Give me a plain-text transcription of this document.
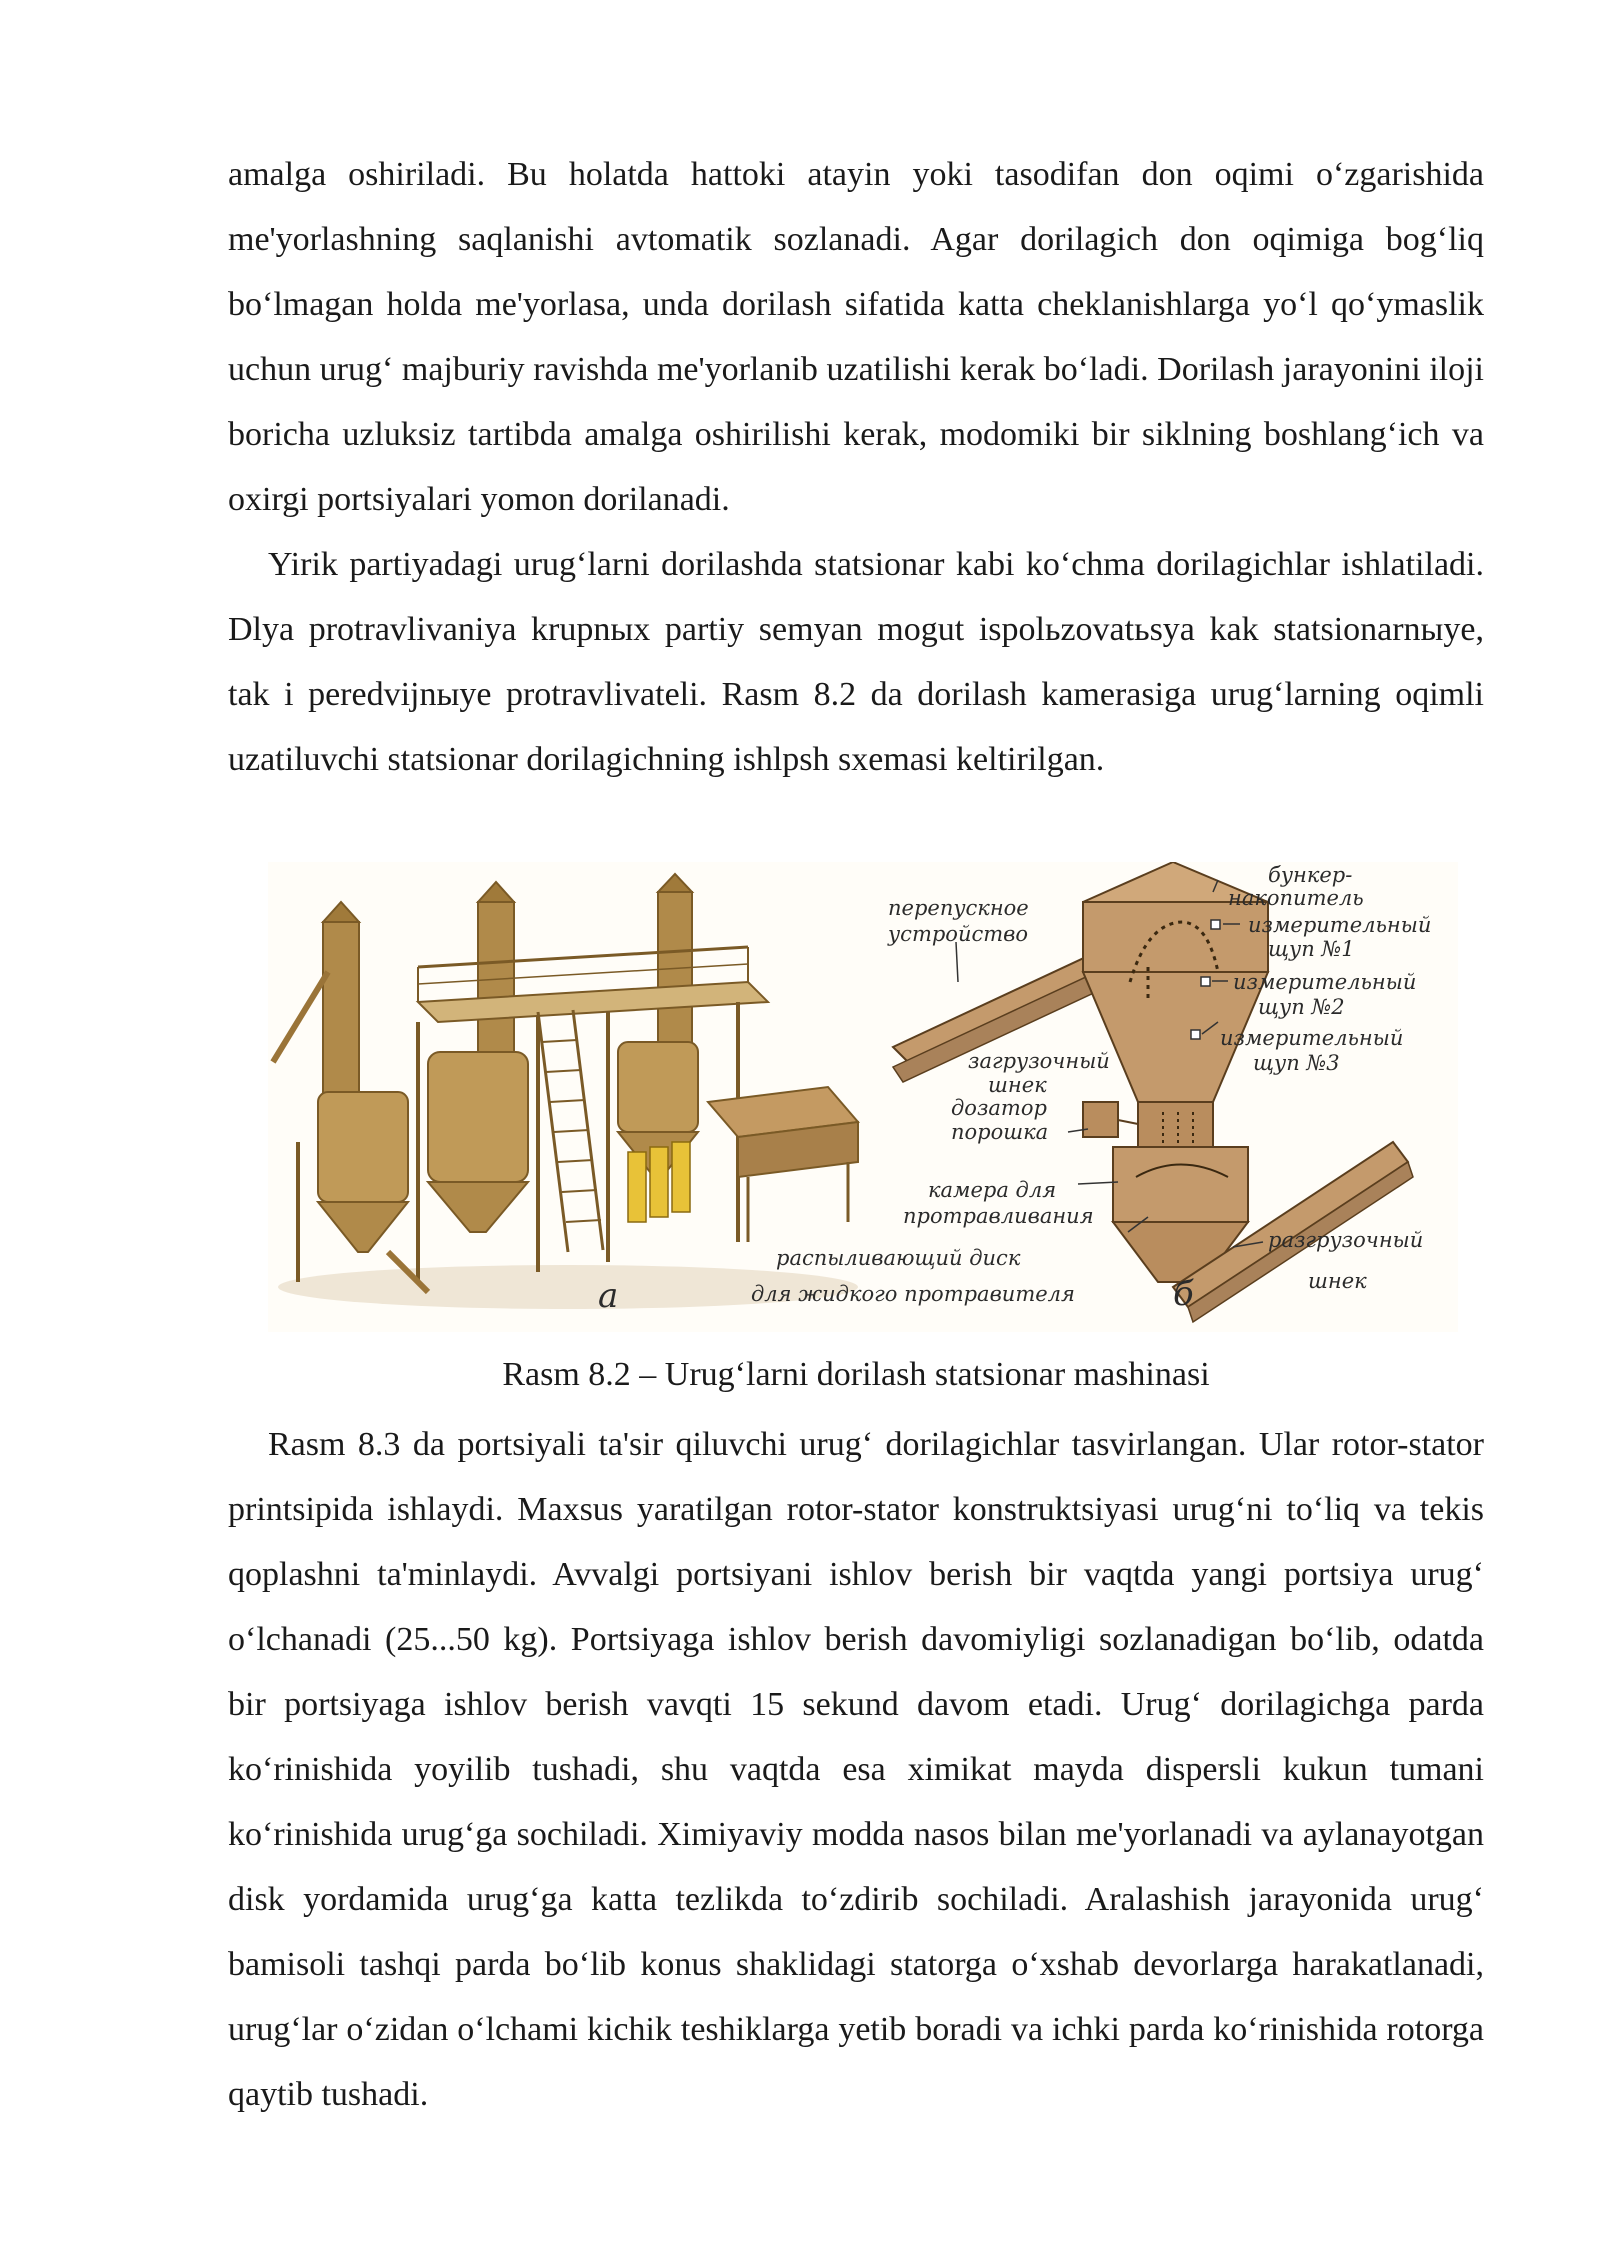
amalga oshiriladi. Bu holatda hattoki atayin yoki tasodifan don oqimi o‘zgarishida me'yorlashning saqlanishi avtomatik sozlanadi. Agar dorilagich don oqimiga bog‘liq bo‘lmagan holda me'yorlasa, unda dorilash sifatida katta cheklanishlarga yo‘l qo‘ymaslik uchun urug‘ majburiy ravishda me'yorlanib uzatilishi kerak bo‘ladi. Dorilash jarayonini iloji boricha uzluksiz tartibda amalga oshirilishi kerak, modomiki bir siklning boshlang‘ich va oxirgi portsiyalari yomon dorilanadi.

Yirik partiyadagi urug‘larni dorilashda statsionar kabi ko‘chma dorilagichlar ishlatiladi. Dlya protravlivaniya krupnых partiy semyan mogut ispolьzovatьsya kak statsionarnыye, tak i peredvijnыye protravlivateli. Rasm 8.2 da dorilash kamerasiga urug‘larning oqimli uzatiluvchi statsionar dorilagichning ishlpsh sxemasi keltirilgan.

а
перепускное
устройство
бункер-
накопитель
измерительный
щуп №1
измерительный
щуп №2
измерительный
щуп №3
загрузочный
шнек
дозатор
порошка
камера для
протравливания
распыливающий диск
для жидкого протравителя
разгрузочный
шнек
б
Rasm 8.2 – Urug‘larni dorilash statsionar mashinasi

Rasm 8.3 da portsiyali ta'sir qiluvchi urug‘ dorilagichlar tasvirlangan. Ular rotor-stator printsipida ishlaydi. Maxsus yaratilgan rotor-stator konstruktsiyasi urug‘ni to‘liq va tekis qoplashni ta'minlaydi. Avvalgi portsiyani ishlov berish bir vaqtda yangi portsiya urug‘ o‘lchanadi (25...50 kg). Portsiyaga ishlov berish davomiyligi sozlanadigan bo‘lib, odatda bir portsiyaga ishlov berish vavqti 15 sekund davom etadi. Urug‘ dorilagichga parda ko‘rinishida yoyilib tushadi, shu vaqtda esa ximikat mayda dispersli kukun tumani ko‘rinishida urug‘ga sochiladi. Ximiyaviy modda nasos bilan me'yorlanadi va aylanayotgan disk yordamida urug‘ga katta tezlikda to‘zdirib sochiladi. Aralashish jarayonida urug‘ bamisoli tashqi parda bo‘lib konus shaklidagi statorga o‘xshab devorlarga harakatlanadi, urug‘lar o‘zidan o‘lchami kichik teshiklarga yetib boradi va ichki parda ko‘rinishida rotorga qaytib tushadi.
